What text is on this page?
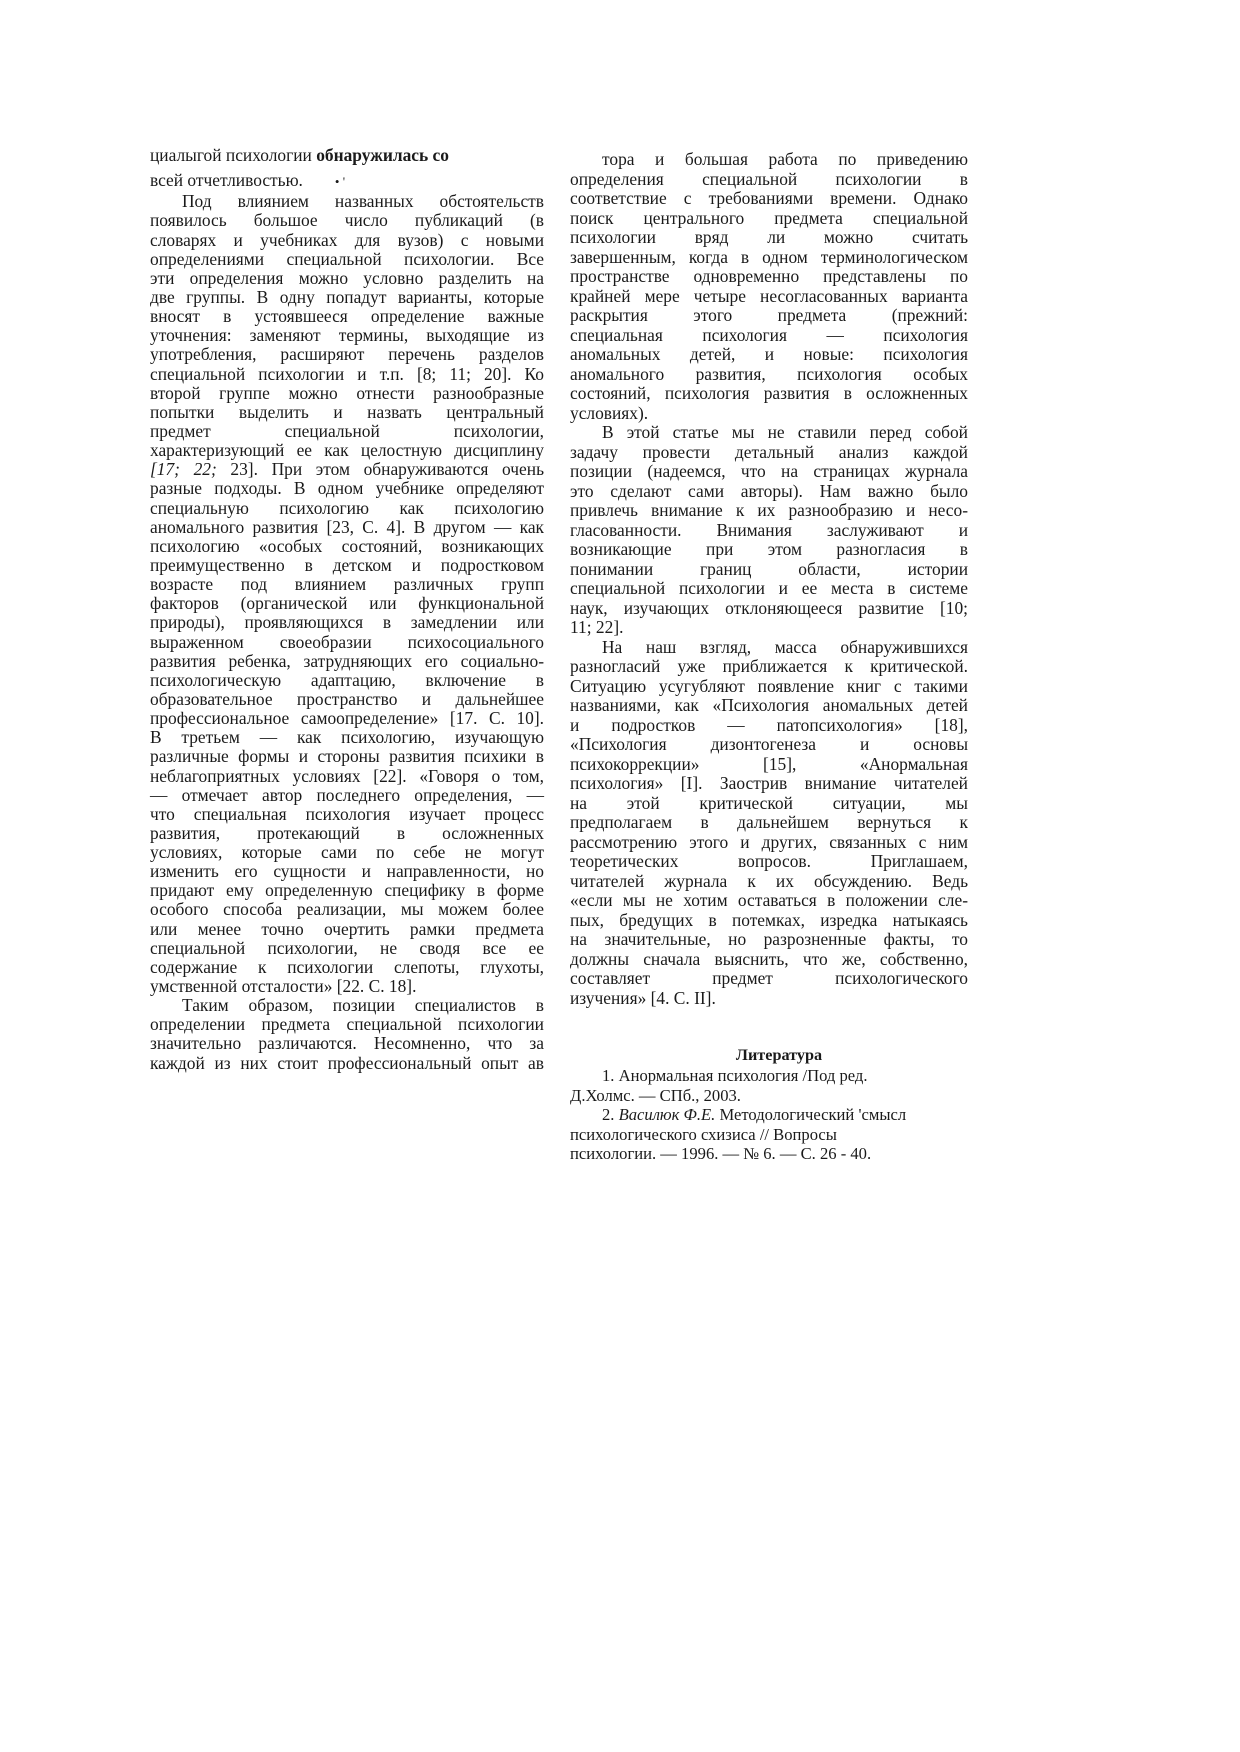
циалыгой психологии обнаружилась со
всей отчетливостью. • '
Под влиянием названных обстоятельств
появилось большое число публикаций (в
словарях и учебниках для вузов) с новыми
определениями специальной психологии. Все
эти определения можно условно разделить на
две группы. В одну попадут варианты, которые
вносят в устоявшееся определение важные
уточнения: заменяют термины, выходящие из
употребления, расширяют перечень разделов
специальной психологии и т.п. [8; 11; 20]. Ко
второй группе можно отнести разнообразные
попытки выделить и назвать центральный
предмет специальной психологии,
характеризующий ее как целостную дисциплину
[17; 22; 23]. При этом обнаруживаются очень
разные подходы. В одном учебнике определяют
специальную психологию как психологию
аномального развития [23, С. 4]. В другом — как
психологию «особых состояний, возникающих
преимущественно в детском и подростковом
возрасте под влиянием различных групп
факторов (органической или функциональной
природы), проявляющихся в замедлении или
выраженном своеобразии психосоциального
развития ребенка, затрудняющих его социально-
психологическую адаптацию, включение в
образовательное пространство и дальнейшее
профессиональное самоопределение» [17. С. 10].
В третьем — как психологию, изучающую
различные формы и стороны развития психики в
неблагоприятных условиях [22]. «Говоря о том,
— отмечает автор последнего определения, —
что специальная психология изучает процесс
развития, протекающий в осложненных
условиях, которые сами по себе не могут
изменить его сущности и направленности, но
придают ему определенную специфику в форме
особого способа реализации, мы можем более
или менее точно очертить рамки предмета
специальной психологии, не сводя все ее
содержание к психологии слепоты, глухоты,
умственной отсталости» [22. С. 18].
Таким образом, позиции специалистов в
определении предмета специальной психологии
значительно различаются. Несомненно, что за
каждой из них стоит профессиональный опыт ав
тора и большая работа по приведению
определения специальной психологии в
соответствие с требованиями времени. Однако
поиск центрального предмета специальной
психологии вряд ли можно считать
завершенным, когда в одном терминологическом
пространстве одновременно представлены по
крайней мере четыре несогласованных варианта
раскрытия этого предмета (прежний:
специальная психология — психология
аномальных детей, и новые: психология
аномального развития, психология особых
состояний, психология развития в осложненных
условиях).
В этой статье мы не ставили перед собой
задачу провести детальный анализ каждой
позиции (надеемся, что на страницах журнала
это сделают сами авторы). Нам важно было
привлечь внимание к их разнообразию и несо-
гласованности. Внимания заслуживают и
возникающие при этом разногласия в
понимании границ области, истории
специальной психологии и ее места в системе
наук, изучающих отклоняющееся развитие [10;
11; 22].
На наш взгляд, масса обнаружившихся
разногласий уже приближается к критической.
Ситуацию усугубляют появление книг с такими
названиями, как «Психология аномальных детей
и подростков — патопсихология» [18],
«Психология дизонтогенеза и основы
психокоррекции» [15], «Анормальная
психология» [I]. Заострив внимание читателей
на этой критической ситуации, мы
предполагаем в дальнейшем вернуться к
рассмотрению этого и других, связанных с ним
теоретических вопросов. Приглашаем,
читателей журнала к их обсуждению. Ведь
«если мы не хотим оставаться в положении сле-
пых, бредущих в потемках, изредка натыкаясь
на значительные, но разрозненные факты, то
должны сначала выяснить, что же, собственно,
составляет предмет психологического
изучения» [4. С. II].
Литература
1. Анормальная психология /Под ред.
Д.Холмс. — СПб., 2003.
2. Василюк Ф.Е. Методологический 'смысл
психологического схизиса // Вопросы
психологии. — 1996. — № 6. — С. 26 - 40.
